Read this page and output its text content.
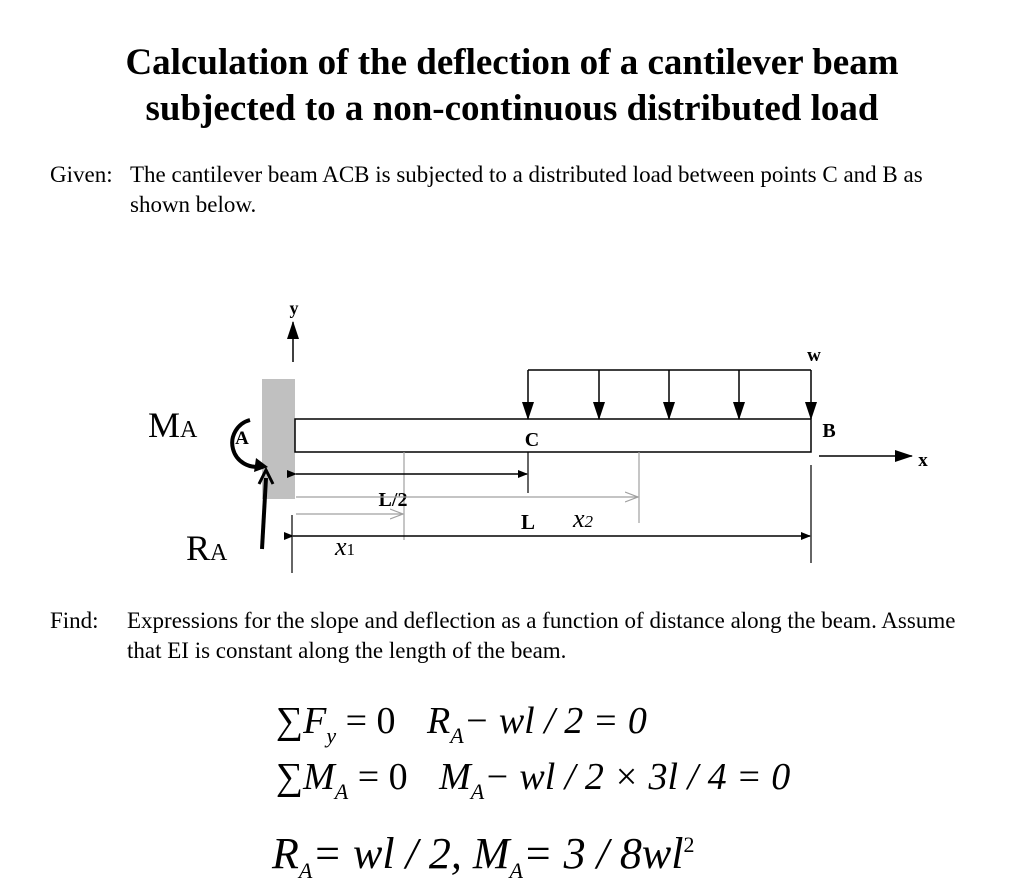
Calculation of the deflection of a cantilever beam
subjected to a non-continuous distributed load
Given: The cantilever beam ACB is subjected to a distributed load between points C and B as shown below.
y
w
A	C	B
x
MA
RA
L/2
L
x1
x2
Find: Expressions for the slope and deflection as a function of distance along the beam. Assume that EI is constant along the length of the beam.
$\sum F_y = 0$ $R_A-$ wl / 2 = 0
$\sum M_A = 0$ $M_A-$ wl / 2 × 3l / 4 = 0
$R_A=$ wl / 2, $M_A= 3 / 8wl^2$
